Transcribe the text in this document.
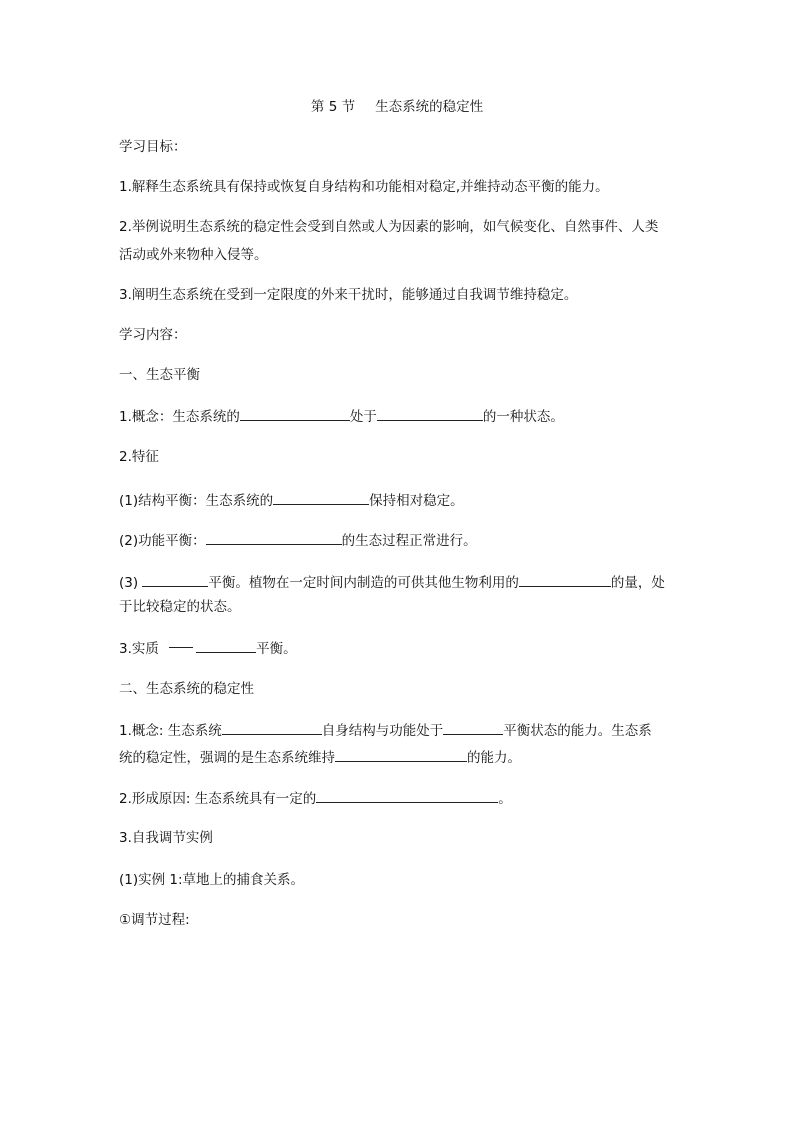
第 5 节 生态系统的稳定性
学习目标：
1.解释生态系统具有保持或恢复自身结构和功能相对稳定,并维持动态平衡的能力。
2.举例说明生态系统的稳定性会受到自然或人为因素的影响，如气候变化、自然事件、人类
活动或外来物种入侵等。
3.阐明生态系统在受到一定限度的外来干扰时，能够通过自我调节维持稳定。
学习内容：
一、生态平衡
1.概念：生态系统的	处于	的一种状态。
2.特征
(1)结构平衡：生态系统的	保持相对稳定。
(2)功能平衡：	的生态过程正常进行。
(3)	平衡。植物在一定时间内制造的可供其他生物利用的	的量，处
于比较稳定的状态。
3.实质	平衡。
二、生态系统的稳定性
1.概念: 生态系统	自身结构与功能处于	平衡状态的能力。生态系
统的稳定性，强调的是生态系统维持	的能力。
2.形成原因: 生态系统具有一定的	。
3.自我调节实例
(1)实例 1:草地上的捕食关系。
①调节过程:
